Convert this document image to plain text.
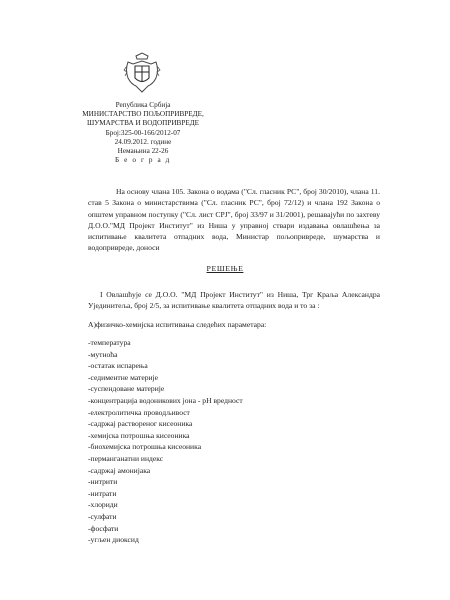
Република Србија
МИНИСТАРСТВО ПОЉОПРИВРЕДЕ,
ШУМАРСТВА И ВОДОПРИВРЕДЕ
Број:325-00-166/2012-07
24.09.2012. године
Немањина 22-26
Б е о г р а д
На основу члана 105. Закона о водама ("Сл. гласник РС", број 30/2010), члана 11. став 5 Закона о министарствима ("Сл. гласник РС", број 72/12) и члана 192 Закона о општем управном поступку ("Сл. лист СРЈ", број 33/97 и 31/2001), решавајући по захтеву Д.О.О."МД Пројект Институт" из Ниша у управној ствари издавања овлашћења за испитивање квалитета отпадних вода, Министар пољопривреде, шумарства и водопривреде, доноси
РЕШЕЊЕ
I Овлашћује се Д.О.О. "МД Пројект Институт" из Ниша, Трг Краља Александра Ујединитеља, број 2/5, за испитивање квалитета отпадних вода и то за :
А)физичко-хемијска испитивања следећих параметара:
-температура
-мутноћа
-остатак испарења
-седиментне материје
-суспендоване материје
-концентрација водоникових јона - pH вредност
-електролитичка проводљивост
-садржај раствореног кисеоника
-хемијска потрошња кисеоника
-биохемијска потрошња кисеоника
-перманганатни индекс
-садржај амонијака
-нитрити
-нитрати
-хлориди
-сулфати
-фосфати
-угљен диоксид
